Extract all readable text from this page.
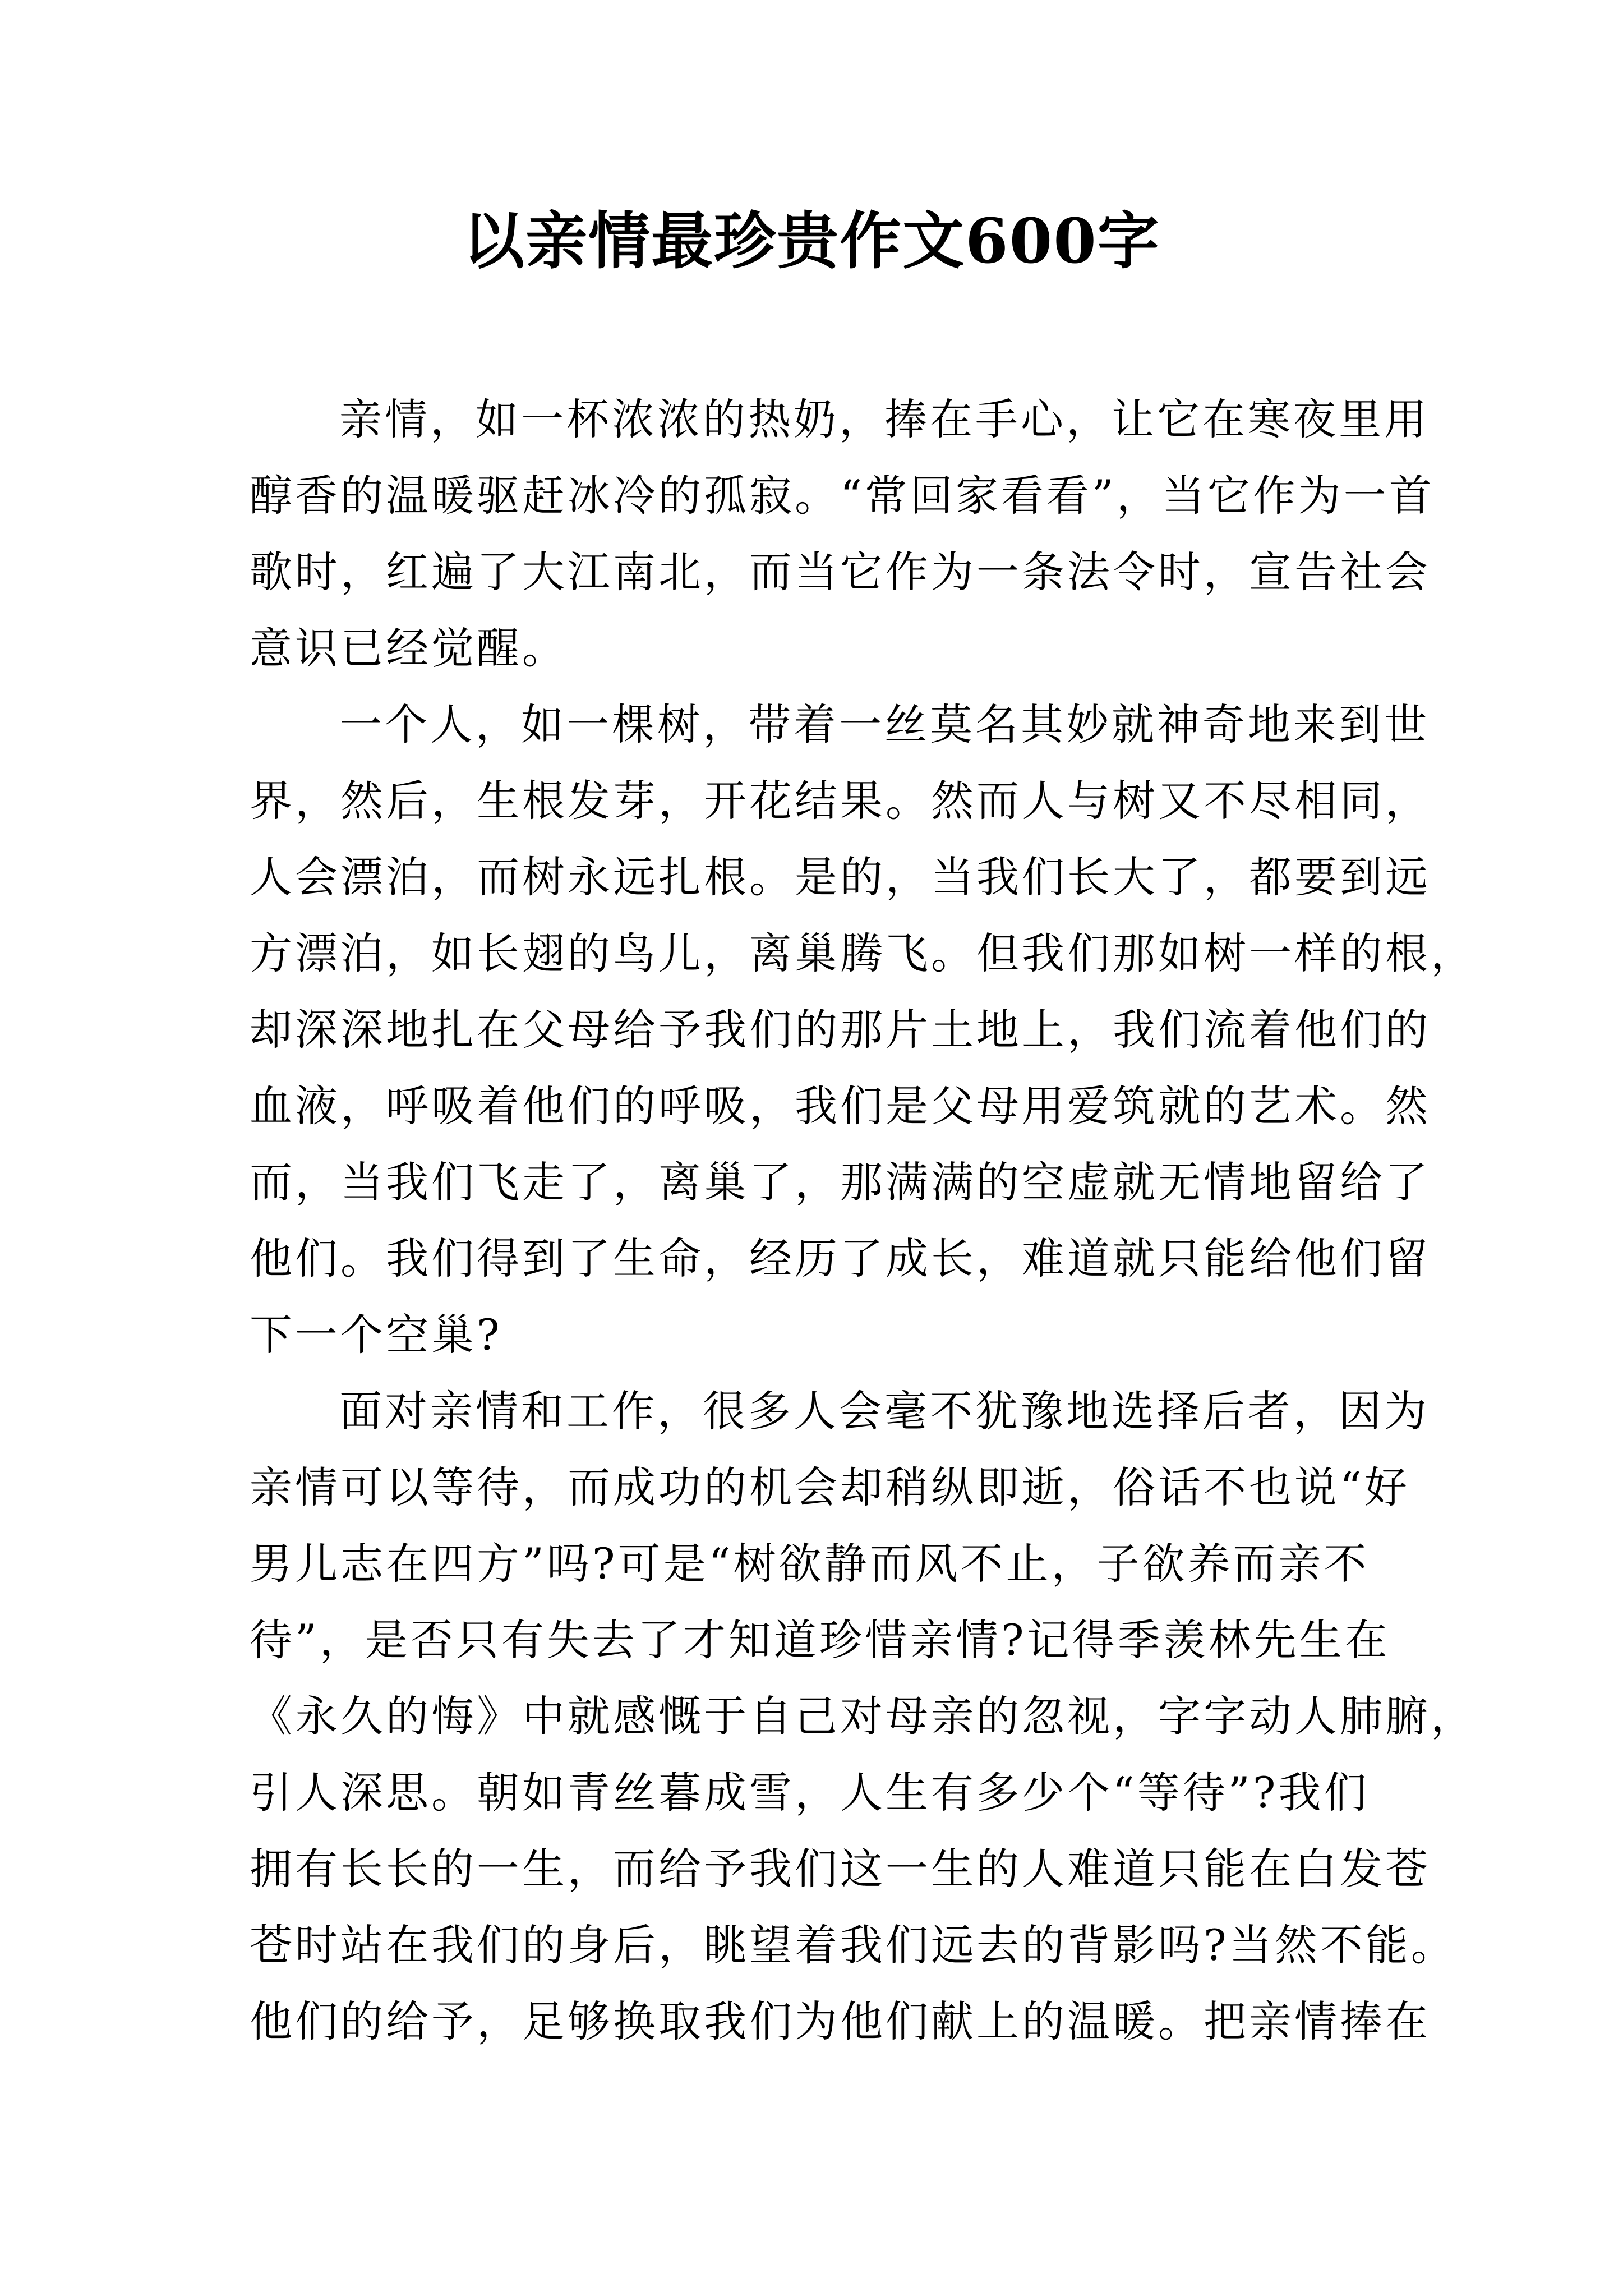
以亲情最珍贵作文600字
亲情，如一杯浓浓的热奶，捧在手心，让它在寒夜里用
醇香的温暖驱赶冰冷的孤寂。“常回家看看”，当它作为一首
歌时，红遍了大江南北，而当它作为一条法令时，宣告社会
意识已经觉醒。
一个人，如一棵树，带着一丝莫名其妙就神奇地来到世
界，然后，生根发芽，开花结果。然而人与树又不尽相同，
人会漂泊，而树永远扎根。是的，当我们长大了，都要到远
方漂泊，如长翅的鸟儿，离巢腾飞。但我们那如树一样的根，
却深深地扎在父母给予我们的那片土地上，我们流着他们的
血液，呼吸着他们的呼吸，我们是父母用爱筑就的艺术。然
而，当我们飞走了，离巢了，那满满的空虚就无情地留给了
他们。我们得到了生命，经历了成长，难道就只能给他们留
下一个空巢?
面对亲情和工作，很多人会毫不犹豫地选择后者，因为
亲情可以等待，而成功的机会却稍纵即逝，俗话不也说“好
男儿志在四方”吗?可是“树欲静而风不止，子欲养而亲不
待”，是否只有失去了才知道珍惜亲情?记得季羡林先生在
《永久的悔》中就感慨于自己对母亲的忽视，字字动人肺腑，
引人深思。朝如青丝暮成雪，人生有多少个“等待”?我们
拥有长长的一生，而给予我们这一生的人难道只能在白发苍
苍时站在我们的身后，眺望着我们远去的背影吗?当然不能。
他们的给予，足够换取我们为他们献上的温暖。把亲情捧在
